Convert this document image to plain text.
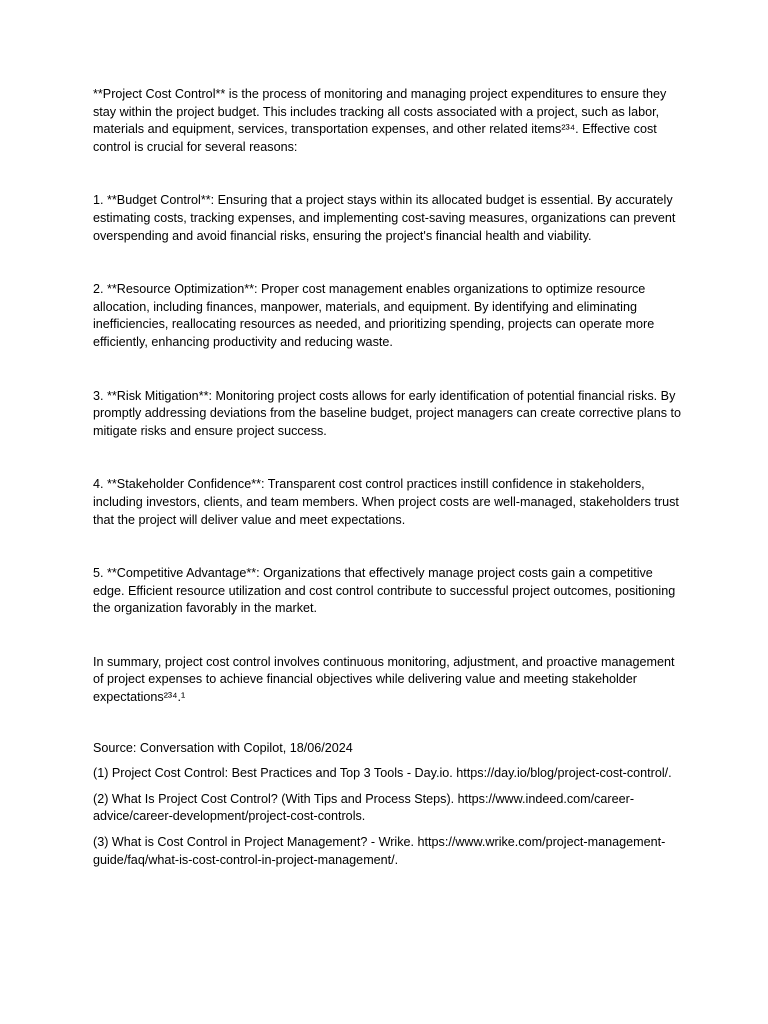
**Project Cost Control** is the process of monitoring and managing project expenditures to ensure they stay within the project budget. This includes tracking all costs associated with a project, such as labor, materials and equipment, services, transportation expenses, and other related items²³⁴. Effective cost control is crucial for several reasons:

1. **Budget Control**: Ensuring that a project stays within its allocated budget is essential. By accurately estimating costs, tracking expenses, and implementing cost-saving measures, organizations can prevent overspending and avoid financial risks, ensuring the project's financial health and viability.

2. **Resource Optimization**: Proper cost management enables organizations to optimize resource allocation, including finances, manpower, materials, and equipment. By identifying and eliminating inefficiencies, reallocating resources as needed, and prioritizing spending, projects can operate more efficiently, enhancing productivity and reducing waste.

3. **Risk Mitigation**: Monitoring project costs allows for early identification of potential financial risks. By promptly addressing deviations from the baseline budget, project managers can create corrective plans to mitigate risks and ensure project success.

4. **Stakeholder Confidence**: Transparent cost control practices instill confidence in stakeholders, including investors, clients, and team members. When project costs are well-managed, stakeholders trust that the project will deliver value and meet expectations.

5. **Competitive Advantage**: Organizations that effectively manage project costs gain a competitive edge. Efficient resource utilization and cost control contribute to successful project outcomes, positioning the organization favorably in the market.

In summary, project cost control involves continuous monitoring, adjustment, and proactive management of project expenses to achieve financial objectives while delivering value and meeting stakeholder expectations²³⁴.¹

Source: Conversation with Copilot, 18/06/2024

(1) Project Cost Control: Best Practices and Top 3 Tools - Day.io. https://day.io/blog/project-cost-control/.

(2) What Is Project Cost Control? (With Tips and Process Steps). https://www.indeed.com/career-advice/career-development/project-cost-controls.

(3) What is Cost Control in Project Management? - Wrike. https://www.wrike.com/project-management-guide/faq/what-is-cost-control-in-project-management/.
